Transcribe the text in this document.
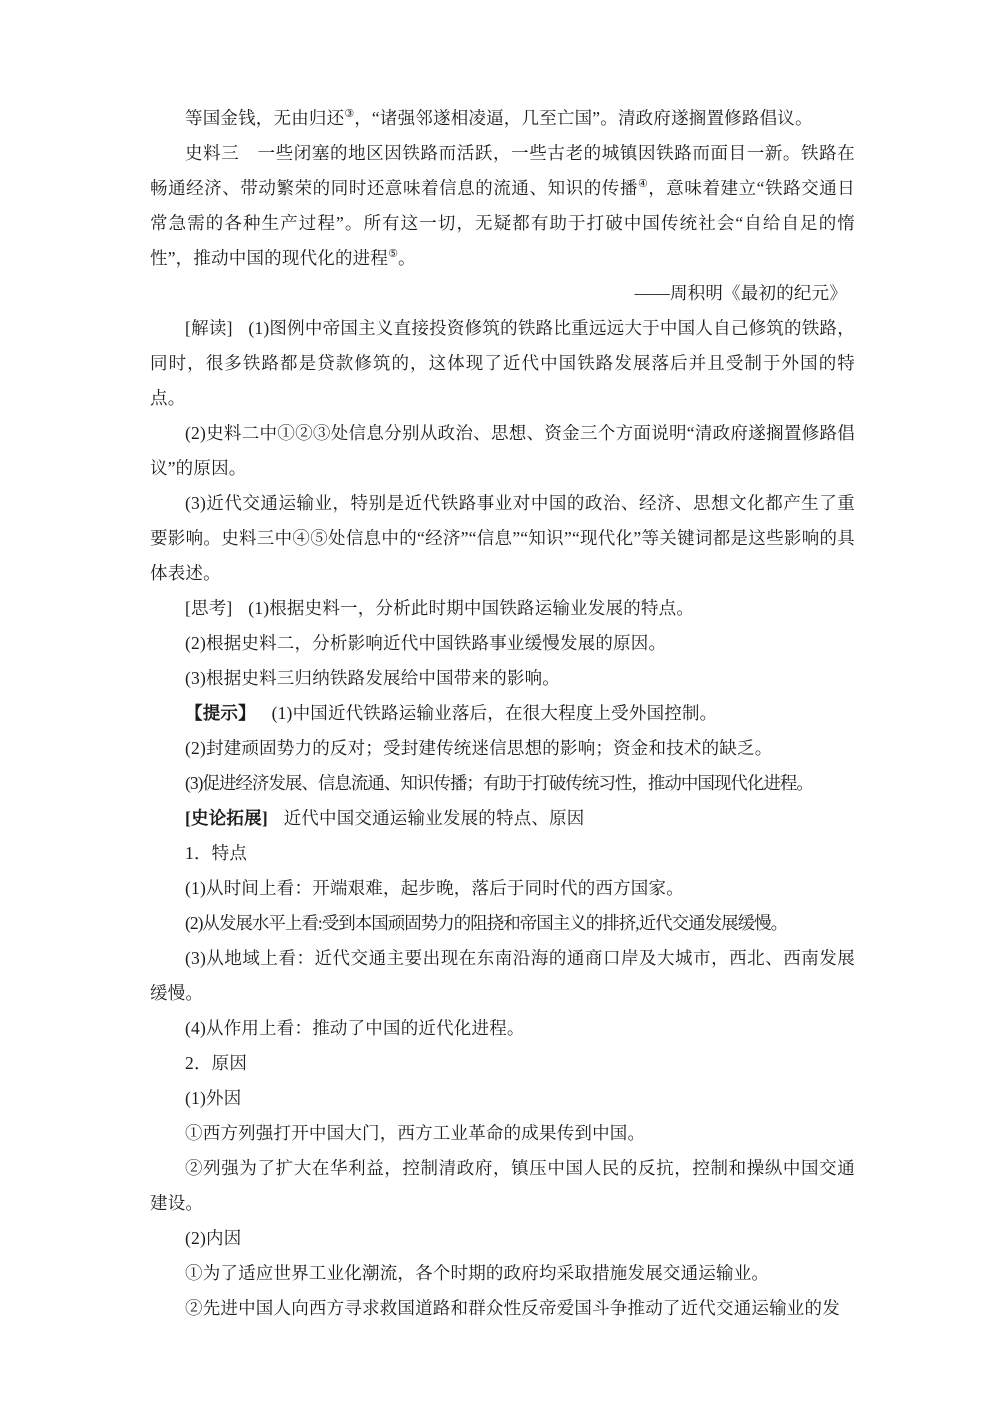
等国金钱，无由归还③，“诸强邻遂相凌逼，几至亡国”。清政府遂搁置修路倡议。

史料三　一些闭塞的地区因铁路而活跃，一些古老的城镇因铁路而面目一新。铁路在畅通经济、带动繁荣的同时还意味着信息的流通、知识的传播④，意味着建立“铁路交通日常急需的各种生产过程”。所有这一切，无疑都有助于打破中国传统社会“自给自足的惰性”，推动中国的现代化的进程⑤。

——周积明《最初的纪元》

[解读] (1)图例中帝国主义直接投资修筑的铁路比重远远大于中国人自己修筑的铁路，同时，很多铁路都是贷款修筑的，这体现了近代中国铁路发展落后并且受制于外国的特点。

(2)史料二中①②③处信息分别从政治、思想、资金三个方面说明“清政府遂搁置修路倡议”的原因。

(3)近代交通运输业，特别是近代铁路事业对中国的政治、经济、思想文化都产生了重要影响。史料三中④⑤处信息中的“经济”“信息”“知识”“现代化”等关键词都是这些影响的具体表述。

[思考] (1)根据史料一，分析此时期中国铁路运输业发展的特点。

(2)根据史料二，分析影响近代中国铁路事业缓慢发展的原因。

(3)根据史料三归纳铁路发展给中国带来的影响。

【提示】 (1)中国近代铁路运输业落后，在很大程度上受外国控制。

(2)封建顽固势力的反对；受封建传统迷信思想的影响；资金和技术的缺乏。

(3)促进经济发展、信息流通、知识传播；有助于打破传统习性，推动中国现代化进程。

[史论拓展] 近代中国交通运输业发展的特点、原因

1．特点

(1)从时间上看：开端艰难，起步晚，落后于同时代的西方国家。

(2)从发展水平上看:受到本国顽固势力的阻挠和帝国主义的排挤,近代交通发展缓慢。

(3)从地域上看：近代交通主要出现在东南沿海的通商口岸及大城市，西北、西南发展缓慢。

(4)从作用上看：推动了中国的近代化进程。

2．原因

(1)外因

①西方列强打开中国大门，西方工业革命的成果传到中国。

②列强为了扩大在华利益，控制清政府，镇压中国人民的反抗，控制和操纵中国交通建设。

(2)内因

①为了适应世界工业化潮流，各个时期的政府均采取措施发展交通运输业。

②先进中国人向西方寻求救国道路和群众性反帝爱国斗争推动了近代交通运输业的发
